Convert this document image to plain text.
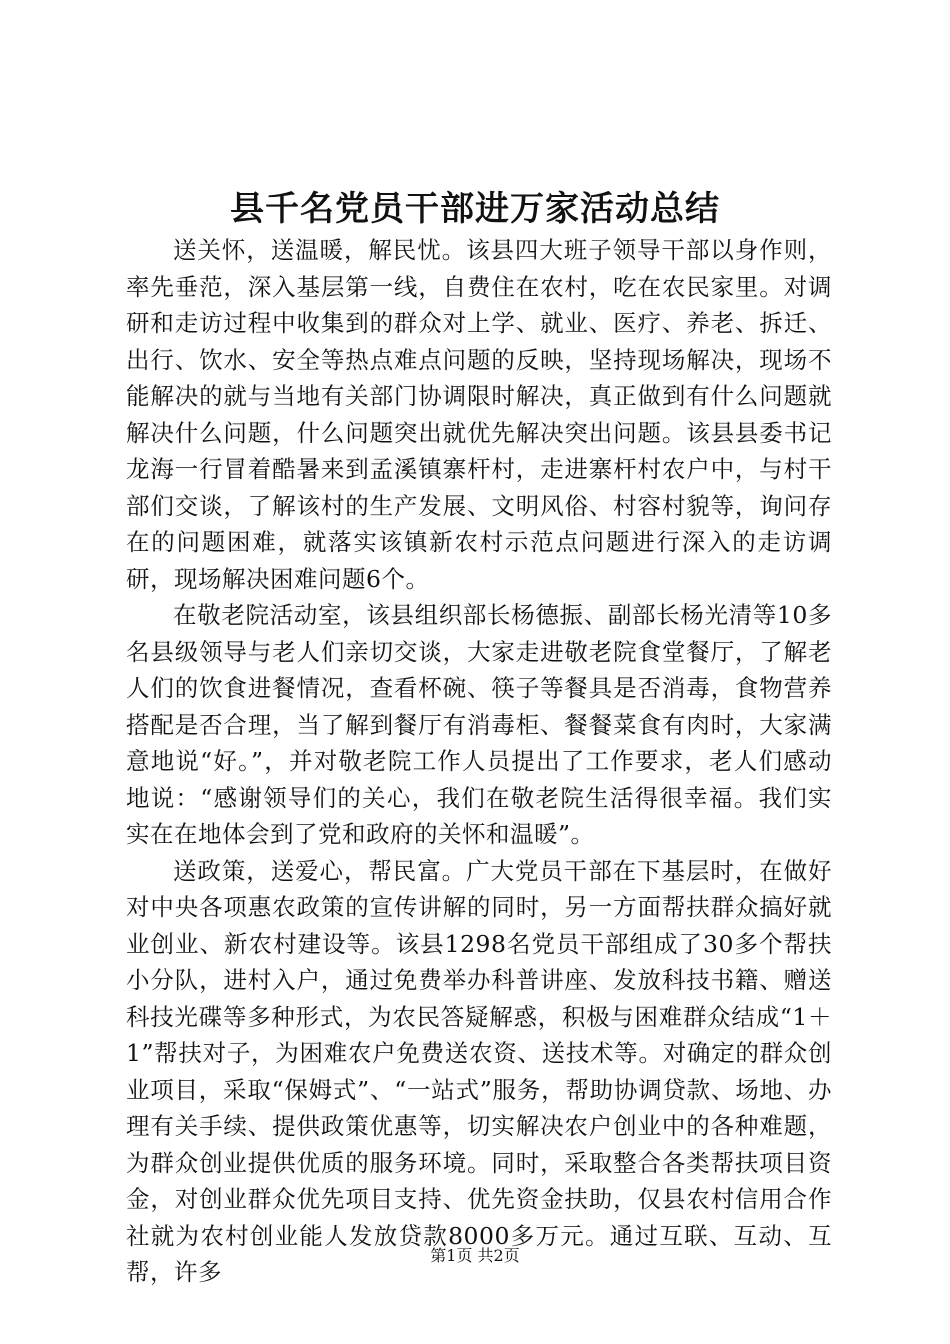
县千名党员干部进万家活动总结

送关怀，送温暖，解民忧。该县四大班子领导干部以身作则，率先垂范，深入基层第一线，自费住在农村，吃在农民家里。对调研和走访过程中收集到的群众对上学、就业、医疗、养老、拆迁、出行、饮水、安全等热点难点问题的反映，坚持现场解决，现场不能解决的就与当地有关部门协调限时解决，真正做到有什么问题就解决什么问题，什么问题突出就优先解决突出问题。该县县委书记龙海一行冒着酷暑来到孟溪镇寨杆村，走进寨杆村农户中，与村干部们交谈，了解该村的生产发展、文明风俗、村容村貌等，询问存在的问题困难，就落实该镇新农村示范点问题进行深入的走访调研，现场解决困难问题6个。

在敬老院活动室，该县组织部长杨德振、副部长杨光清等10多名县级领导与老人们亲切交谈，大家走进敬老院食堂餐厅，了解老人们的饮食进餐情况，查看杯碗、筷子等餐具是否消毒，食物营养搭配是否合理，当了解到餐厅有消毒柜、餐餐菜食有肉时，大家满意地说“好。”，并对敬老院工作人员提出了工作要求，老人们感动地说：“感谢领导们的关心，我们在敬老院生活得很幸福。我们实实在在地体会到了党和政府的关怀和温暖”。

送政策，送爱心，帮民富。广大党员干部在下基层时，在做好对中央各项惠农政策的宣传讲解的同时，另一方面帮扶群众搞好就业创业、新农村建设等。该县1298名党员干部组成了30多个帮扶小分队，进村入户，通过免费举办科普讲座、发放科技书籍、赠送科技光碟等多种形式，为农民答疑解惑，积极与困难群众结成“1＋1”帮扶对子，为困难农户免费送农资、送技术等。对确定的群众创业项目，采取“保姆式”、“一站式”服务，帮助协调贷款、场地、办理有关手续、提供政策优惠等，切实解决农户创业中的各种难题，为群众创业提供优质的服务环境。同时，采取整合各类帮扶项目资金，对创业群众优先项目支持、优先资金扶助，仅县农村信用合作社就为农村创业能人发放贷款8000多万元。通过互联、互动、互帮，许多

第1页 共2页
